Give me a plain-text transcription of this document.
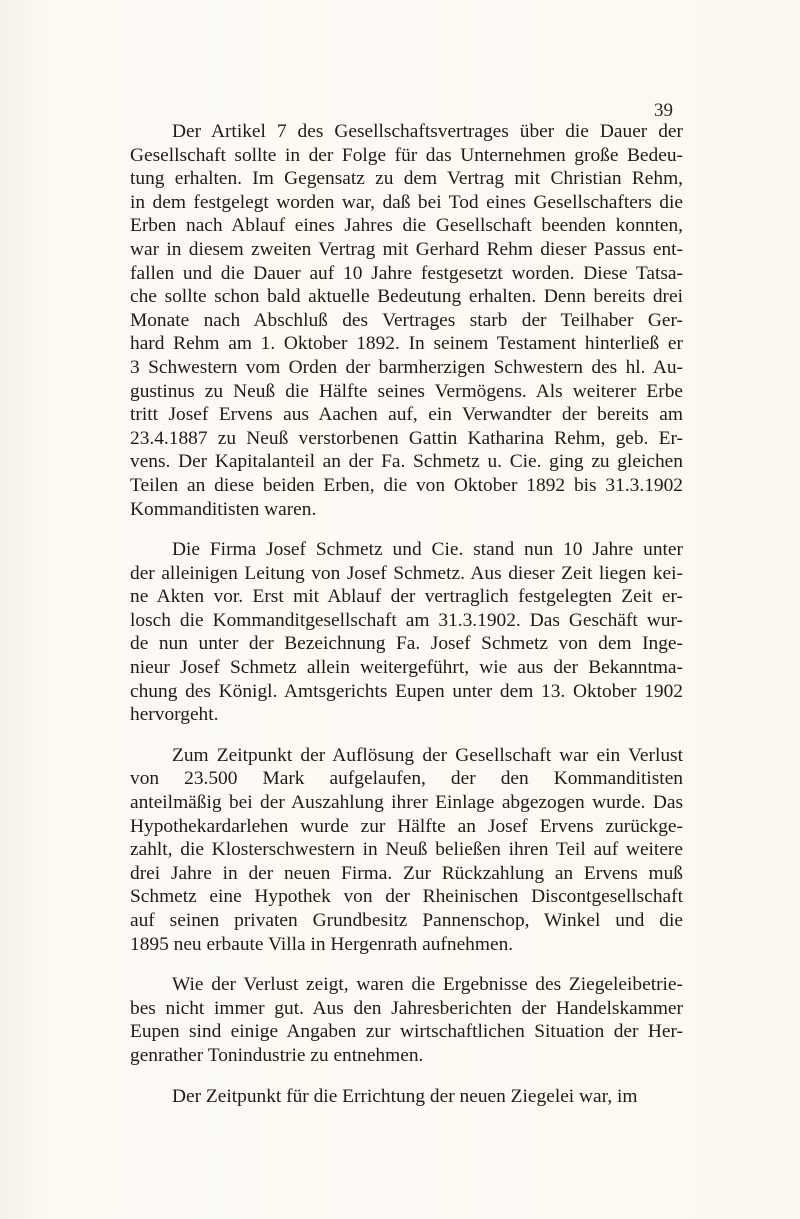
39
Der Artikel 7 des Gesellschaftsvertrages über die Dauer der
Gesellschaft sollte in der Folge für das Unternehmen große Bedeu-
tung erhalten. Im Gegensatz zu dem Vertrag mit Christian Rehm,
in dem festgelegt worden war, daß bei Tod eines Gesellschafters die
Erben nach Ablauf eines Jahres die Gesellschaft beenden konnten,
war in diesem zweiten Vertrag mit Gerhard Rehm dieser Passus ent-
fallen und die Dauer auf 10 Jahre festgesetzt worden. Diese Tatsa-
che sollte schon bald aktuelle Bedeutung erhalten. Denn bereits drei
Monate nach Abschluß des Vertrages starb der Teilhaber Ger-
hard Rehm am 1. Oktober 1892. In seinem Testament hinterließ er
3 Schwestern vom Orden der barmherzigen Schwestern des hl. Au-
gustinus zu Neuß die Hälfte seines Vermögens. Als weiterer Erbe
tritt Josef Ervens aus Aachen auf, ein Verwandter der bereits am
23.4.1887 zu Neuß verstorbenen Gattin Katharina Rehm, geb. Er-
vens. Der Kapitalanteil an der Fa. Schmetz u. Cie. ging zu gleichen
Teilen an diese beiden Erben, die von Oktober 1892 bis 31.3.1902
Kommanditisten waren.
Die Firma Josef Schmetz und Cie. stand nun 10 Jahre unter
der alleinigen Leitung von Josef Schmetz. Aus dieser Zeit liegen kei-
ne Akten vor. Erst mit Ablauf der vertraglich festgelegten Zeit er-
losch die Kommanditgesellschaft am 31.3.1902. Das Geschäft wur-
de nun unter der Bezeichnung Fa. Josef Schmetz von dem Inge-
nieur Josef Schmetz allein weitergeführt, wie aus der Bekanntma-
chung des Königl. Amtsgerichts Eupen unter dem 13. Oktober 1902
hervorgeht.
Zum Zeitpunkt der Auflösung der Gesellschaft war ein Verlust
von 23.500 Mark aufgelaufen, der den Kommanditisten
anteilmäßig bei der Auszahlung ihrer Einlage abgezogen wurde. Das
Hypothekardarlehen wurde zur Hälfte an Josef Ervens zurückge-
zahlt, die Klosterschwestern in Neuß beließen ihren Teil auf weitere
drei Jahre in der neuen Firma. Zur Rückzahlung an Ervens muß
Schmetz eine Hypothek von der Rheinischen Discontgesellschaft
auf seinen privaten Grundbesitz Pannenschop, Winkel und die
1895 neu erbaute Villa in Hergenrath aufnehmen.
Wie der Verlust zeigt, waren die Ergebnisse des Ziegeleibetrie-
bes nicht immer gut. Aus den Jahresberichten der Handelskammer
Eupen sind einige Angaben zur wirtschaftlichen Situation der Her-
genrather Tonindustrie zu entnehmen.
Der Zeitpunkt für die Errichtung der neuen Ziegelei war, im
